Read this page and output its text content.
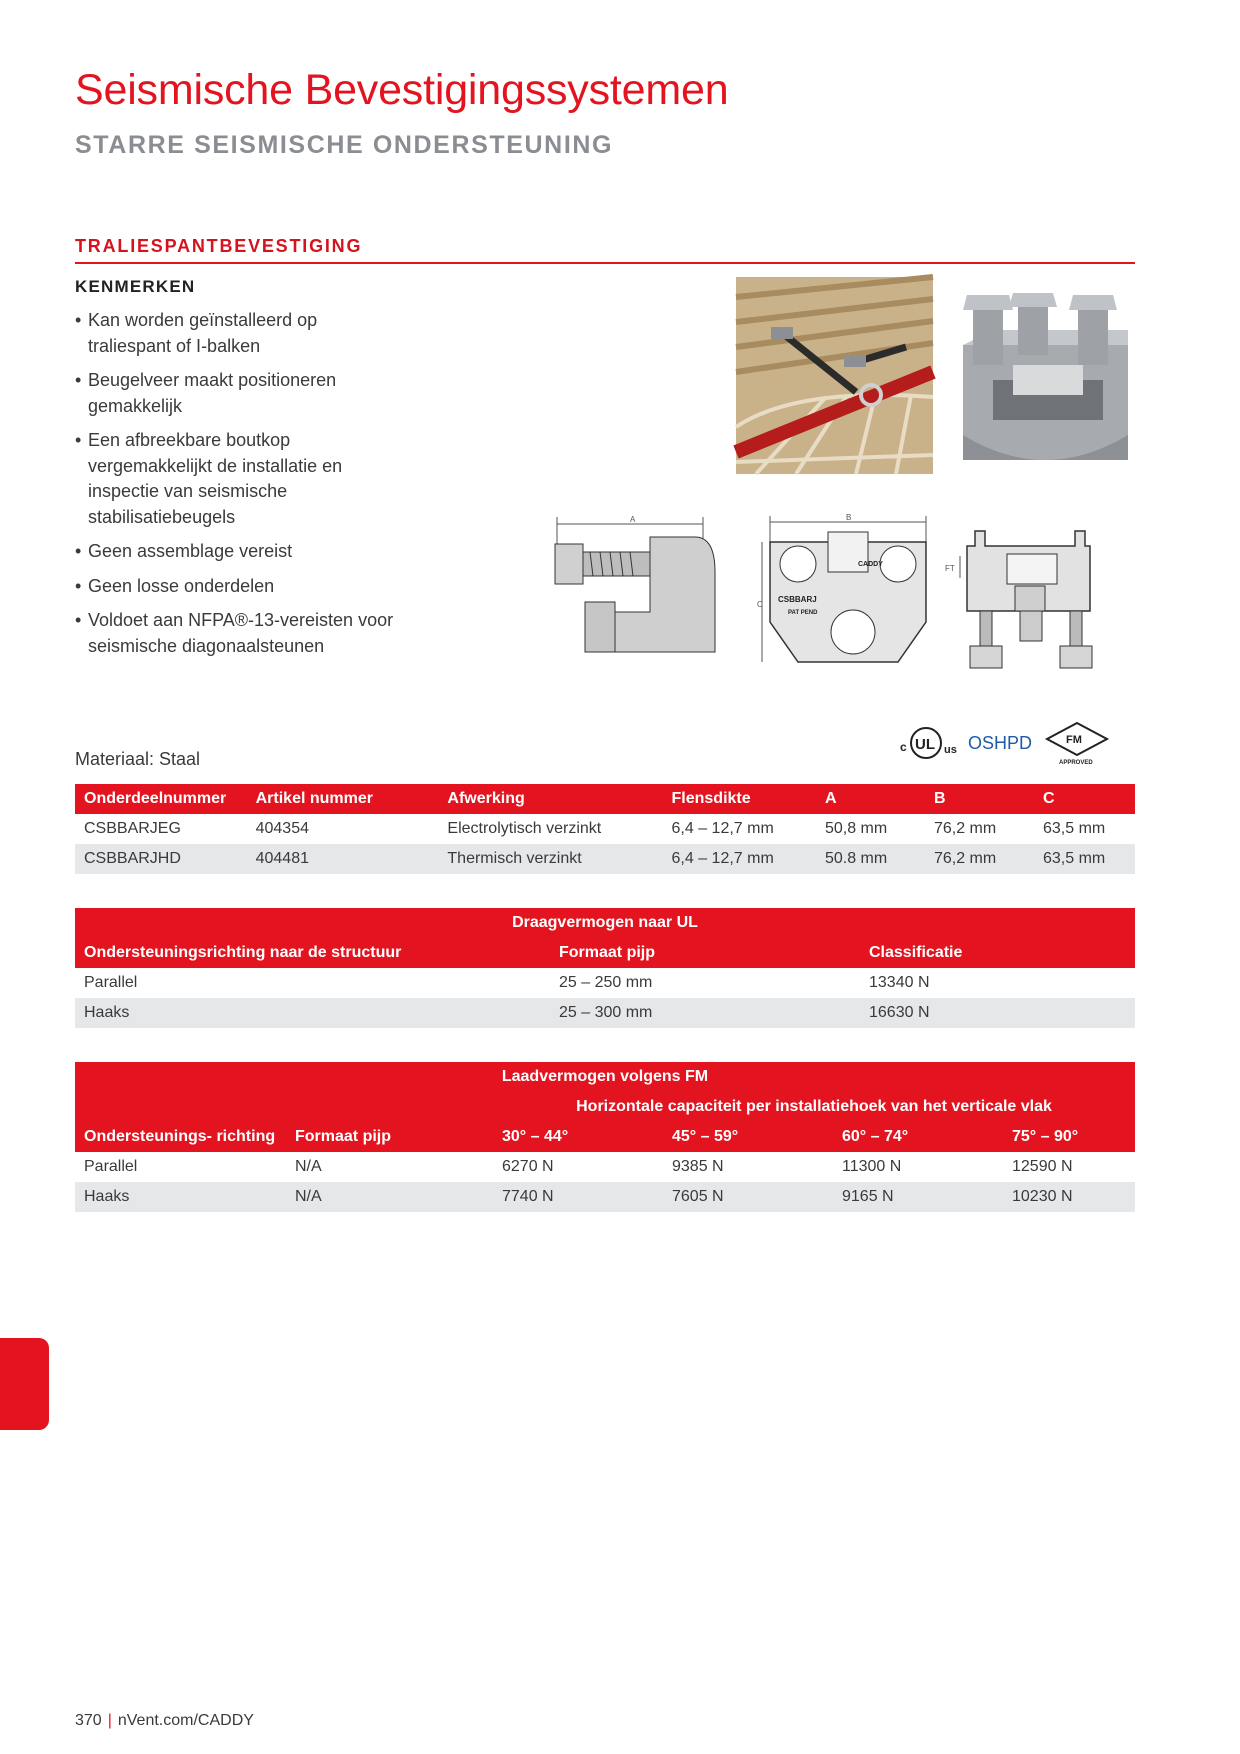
Seismische Bevestigingssystemen
STARRE SEISMISCHE ONDERSTEUNING
TRALIESPANTBEVESTIGING
KENMERKEN
• Kan worden geïnstalleerd op traliespant of I-balken
• Beugelveer maakt positioneren gemakkelijk
• Een afbreekbare boutkop vergemakkelijkt de installatie en inspectie van seismische stabilisatiebeugels
• Geen assemblage vereist
• Geen losse onderdelen
• Voldoet aan NFPA®-13-vereisten voor seismische diagonaalsteunen
A	B
C
CADDY
CSBBARJ
PAT PEND
FT
c UL us OSHPD	FM
APPROVED
Materiaal: Staal
Onderdeelnummer	Artikel nummer	Afwerking	Flensdikte	A	B	C
CSBBARJEG	404354	Electrolytisch verzinkt	6,4 – 12,7 mm	50,8 mm	76,2 mm	63,5 mm
CSBBARJHD	404481	Thermisch verzinkt	6,4 – 12,7 mm	50.8 mm	76,2 mm	63,5 mm
Draagvermogen naar UL		
Ondersteuningsrichting naar de structuur	Formaat pijp	Classificatie
Parallel	25 – 250 mm	13340 N
Haaks	25 – 300 mm	16630 N
Laadvermogen volgens FM					
Ondersteunings- richting	Formaat pijp	Horizontale capaciteit per installatiehoek van het verticale vlak			
		30° – 44°	45° – 59°	60° – 74°	75° – 90°
Parallel	N/A	6270 N	9385 N	11300 N	12590 N
Haaks	N/A	7740 N	7605 N	9165 N	10230 N
370 | nVent.com/CADDY
